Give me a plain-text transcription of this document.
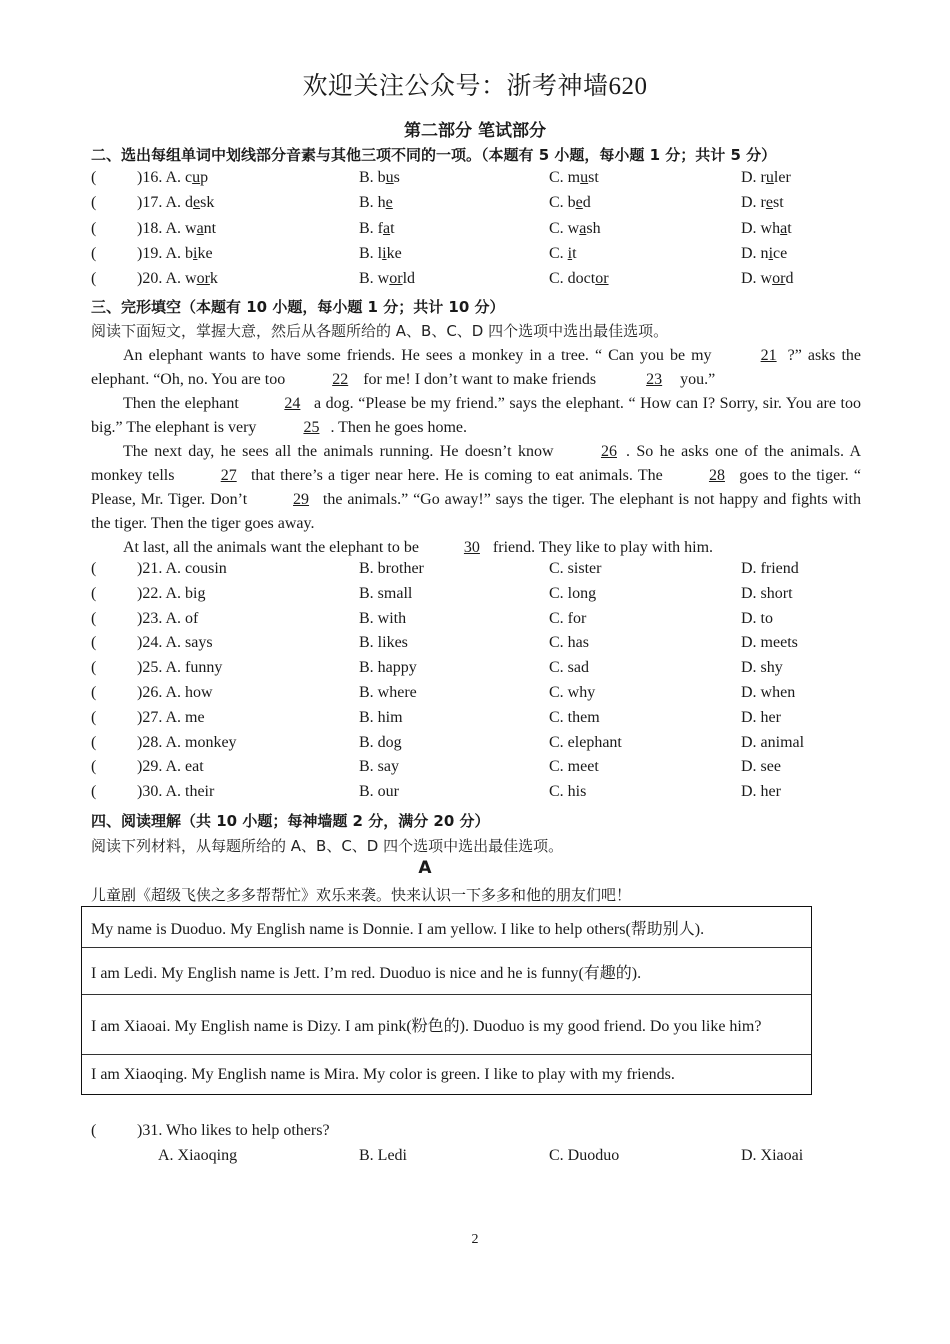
欢迎关注公众号：浙考神墙620
第二部分 笔试部分
二、选出每组单词中划线部分音素与其他三项不同的一项。（本题有 5 小题，每小题 1 分；共计 5 分）
(	)16. A. cup	B. bus	C. must	D. ruler
(	)17. A. desk	B. he	C. bed	D. rest
(	)18. A. want	B. fat	C. wash	D. what
(	)19. A. bike	B. like	C. it	D. nice
(	)20. A. work	B. world	C. doctor	D. word
三、完形填空（本题有 10 小题，每小题 1 分；共计 10 分）
阅读下面短文，掌握大意，然后从各题所给的 A、B、C、D 四个选项中选出最佳选项。

An elephant wants to have some friends. He sees a monkey in a tree. “ Can you be my	21 ?” asks the elephant. “Oh, no. You are too	22 for me! I don’t want to make friends	23 you.”

Then the elephant	24 a dog. “Please be my friend.” says the elephant. “ How can I? Sorry, sir. You are too big.” The elephant is very	25 . Then he goes home.

The next day, he sees all the animals running. He doesn’t know	26 . So he asks one of the animals. A monkey tells	27 that there’s a tiger near here. He is coming to eat animals. The	28 goes to the tiger. “ Please, Mr. Tiger. Don’t	29 the animals.” “Go away!” says the tiger. The elephant is not happy and fights with the tiger. Then the tiger goes away.

At last, all the animals want the elephant to be	30 friend. They like to play with him.

(	)21. A. cousin	B. brother	C. sister	D. friend
(	)22. A. big	B. small	C. long	D. short
(	)23. A. of	B. with	C. for	D. to
(	)24. A. says	B. likes	C. has	D. meets
(	)25. A. funny	B. happy	C. sad	D. shy
(	)26. A. how	B. where	C. why	D. when
(	)27. A. me	B. him	C. them	D. her
(	)28. A. monkey	B. dog	C. elephant	D. animal
(	)29. A. eat	B. say	C. meet	D. see
(	)30. A. their	B. our	C. his	D. her
四、阅读理解（共 10 小题；每神墙题 2 分，满分 20 分）
阅读下列材料，从每题所给的 A、B、C、D 四个选项中选出最佳选项。
A
儿童剧《超级飞侠之多多帮帮忙》欢乐来袭。快来认识一下多多和他的朋友们吧！
My name is Duoduo. My English name is Donnie. I am yellow. I like to help others(帮助别人).
I am Ledi. My English name is Jett. I’m red. Duoduo is nice and he is funny(有趣的).
I am Xiaoai. My English name is Dizy. I am pink(粉色的). Duoduo is my good friend. Do you like him?
I am Xiaoqing. My English name is Mira. My color is green. I like to play with my friends.
(	)31. Who likes to help others?
A. Xiaoqing	B. Ledi	C. Duoduo	D. Xiaoai
2
